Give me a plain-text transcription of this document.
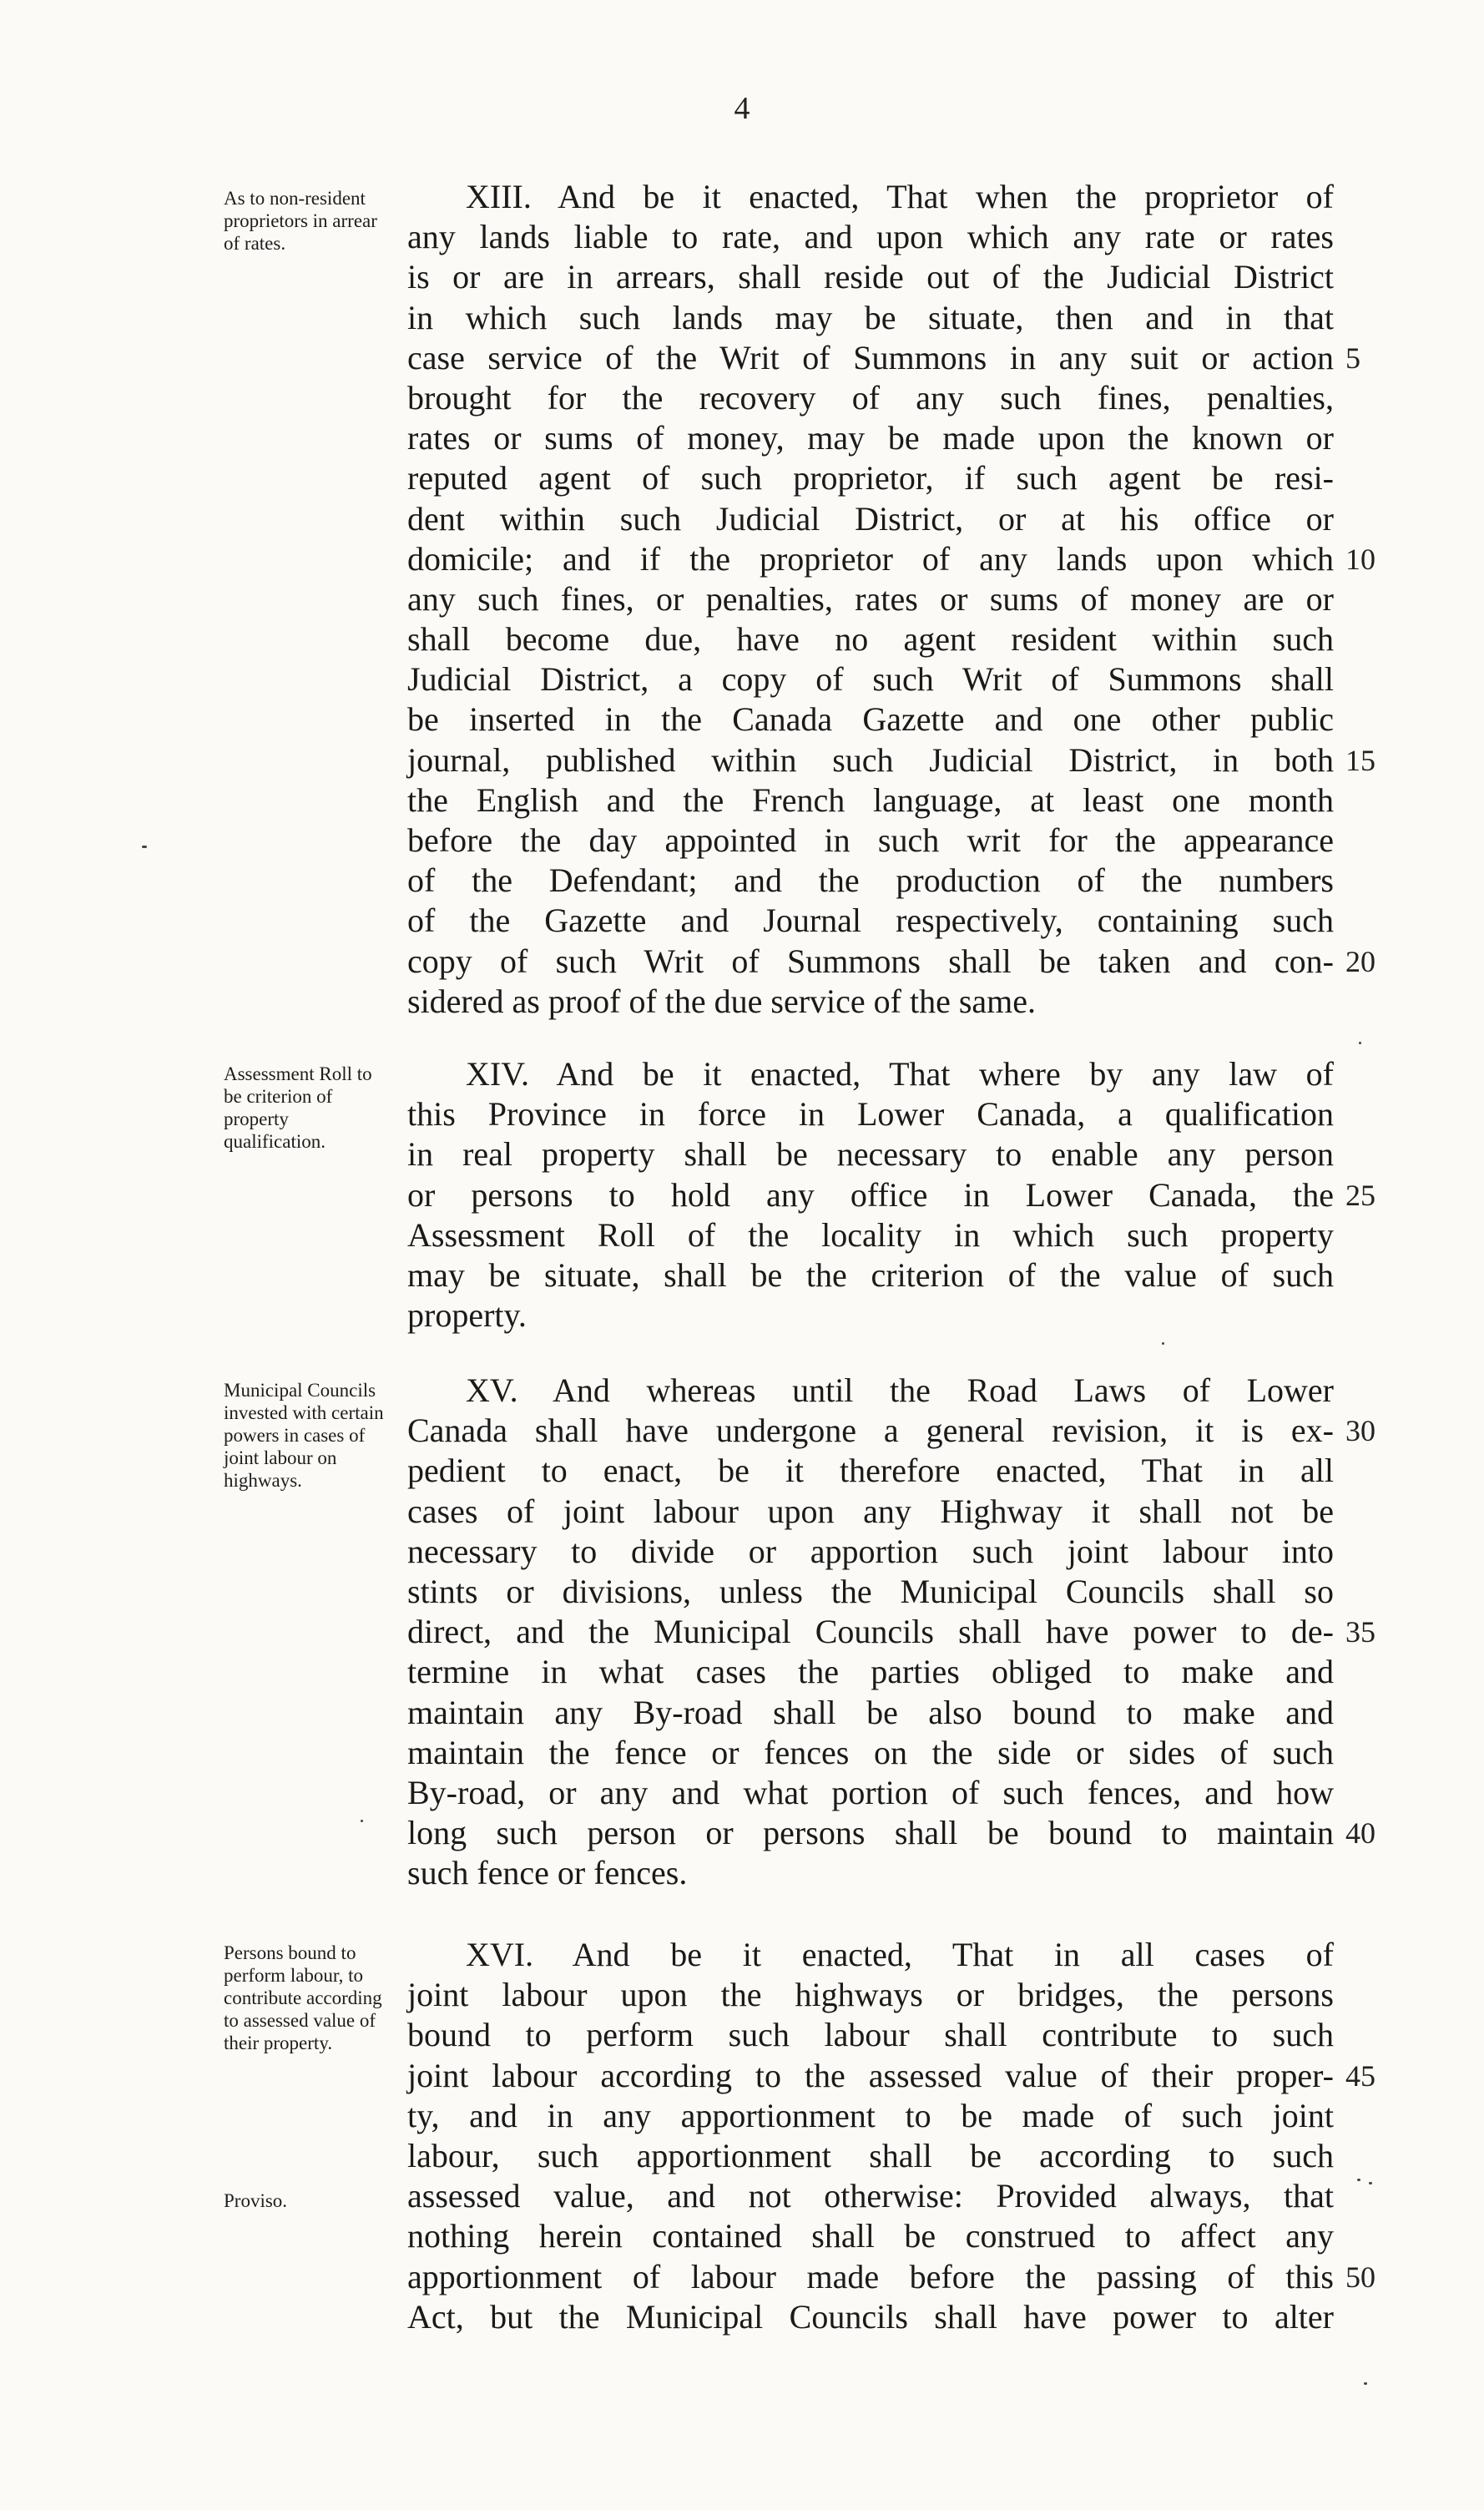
4
As to non-resident proprietors in arrear of rates.
XIII. And be it enacted, That when the proprietor of
any lands liable to rate, and upon which any rate or rates
is or are in arrears, shall reside out of the Judicial District
in which such lands may be situate, then and in that
case service of the Writ of Summons in any suit or action
brought for the recovery of any such fines, penalties,
rates or sums of money, may be made upon the known or
reputed agent of such proprietor, if such agent be resi-
dent within such Judicial District, or at his office or
domicile; and if the proprietor of any lands upon which
any such fines, or penalties, rates or sums of money are or
shall become due, have no agent resident within such
Judicial District, a copy of such Writ of Summons shall
be inserted in the Canada Gazette and one other public
journal, published within such Judicial District, in both
the English and the French language, at least one month
before the day appointed in such writ for the appearance
of the Defendant; and the production of the numbers
of the Gazette and Journal respectively, containing such
copy of such Writ of Summons shall be taken and con-
sidered as proof of the due service of the same.
5
10
15
20
Assessment Roll to be criterion of property qualification.
XIV. And be it enacted, That where by any law of
this Province in force in Lower Canada, a qualification
in real property shall be necessary to enable any person
or persons to hold any office in Lower Canada, the
Assessment Roll of the locality in which such property
may be situate, shall be the criterion of the value of such
property.
25
Municipal Councils invested with certain powers in cases of joint labour on highways.
XV. And whereas until the Road Laws of Lower
Canada shall have undergone a general revision, it is ex-
pedient to enact, be it therefore enacted, That in all
cases of joint labour upon any Highway it shall not be
necessary to divide or apportion such joint labour into
stints or divisions, unless the Municipal Councils shall so
direct, and the Municipal Councils shall have power to de-
termine in what cases the parties obliged to make and
maintain any By-road shall be also bound to make and
maintain the fence or fences on the side or sides of such
By-road, or any and what portion of such fences, and how
long such person or persons shall be bound to maintain
such fence or fences.
30
35
40
Persons bound to perform labour, to contribute according to assessed value of their property.
Proviso.
XVI. And be it enacted, That in all cases of
joint labour upon the highways or bridges, the persons
bound to perform such labour shall contribute to such
joint labour according to the assessed value of their proper-
ty, and in any apportionment to be made of such joint
labour, such apportionment shall be according to such
assessed value, and not otherwise: Provided always, that
nothing herein contained shall be construed to affect any
apportionment of labour made before the passing of this
Act, but the Municipal Councils shall have power to alter
45
50
